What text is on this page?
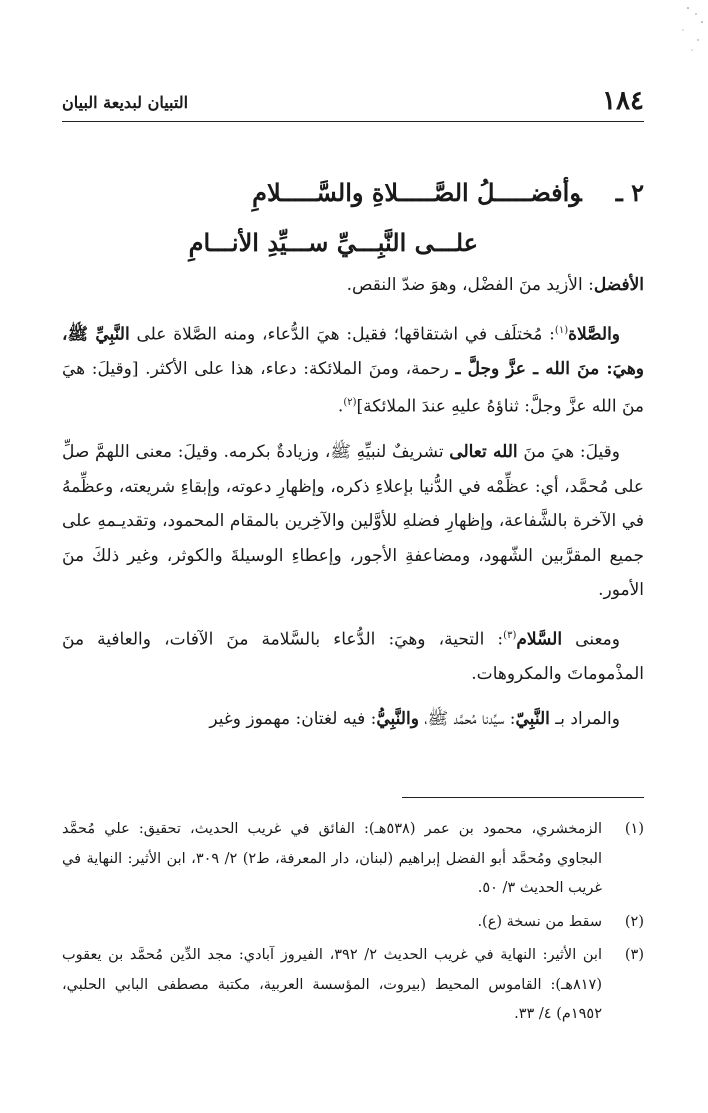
١٨٤
التبيان لبديعة البيان
٢ ـوأفضـــــلُ الصَّـــــلاةِ والسَّـــــلامِ
علـــى النَّبِـــيِّ ســـيِّدِ الأنـــامِ

الأفضل: الأزيد منَ الفضْل، وهوَ ضدّ النقص.

والصَّلاة$^{(١)}$: مُختلَف في اشتقاقها؛ فقيل: هيَ الدُّعاء، ومنه الصَّلاة على النَّبِيِّ ﷺ، وهيَ: منَ الله ـ عزَّ وجلَّ ـ رحمة، ومنَ الملائكة: دعاء، هذا على الأكثر. [وقيلَ: هيَ منَ الله عزَّ وجلَّ: ثناؤهُ عليهِ عندَ الملائكة]$^{(٢)}$.

وقيلَ: هيَ منَ الله تعالى تشريفٌ لنبيِّهِ ﷺ، وزيادةٌ بكرمه. وقيلَ: معنى اللهمَّ صلِّ على مُحمَّد، أي: عظِّمْه في الدُّنيا بإعلاءِ ذكره، وإظهارِ دعوته، وإبقاءِ شريعته، وعظِّمهُ في الآخرة بالشَّفاعة، وإظهارِ فضلهِ للأوَّلين والآخِرين بالمقام المحمود، وتقديـمهِ على جميع المقرَّبين الشّهود، ومضاعفةِ الأجور، وإعطاءِ الوسيلةَ والكوثر، وغير ذلكَ منَ الأمور.

ومعنى السَّلام$^{(٣)}$: التحية، وهيَ: الدُّعاء بالسَّلامة منَ الآفات، والعافية منَ المذْموماتَ والمكروهات.

والمراد بـ النَّبِيّ: سيِّدنا مُحمَّد ﷺ، والنَّبِيُّ: فيه لغتان: مهموز وغير

(١)
الزمخشري، محمود بن عمر (٥٣٨هـ): الفائق في غريب الحديث، تحقيق: علي مُحمَّد البجاوي ومُحمَّد أبو الفضل إبراهيم (لبنان، دار المعرفة، ط٢) ٢/ ٣٠٩، ابن الأثير: النهاية في غريب الحديث ٣/ ٥٠.
(٢)
سقط من نسخة (ع).
(٣)
ابن الأثير: النهاية في غريب الحديث ٢/ ٣٩٢، الفيروز آبادي: مجد الدِّين مُحمَّد بن يعقوب (٨١٧هـ): القاموس المحيط (بيروت، المؤسسة العربية، مكتبة مصطفى البابي الحلبي، ١٩٥٢م) ٤/ ٣٣.
